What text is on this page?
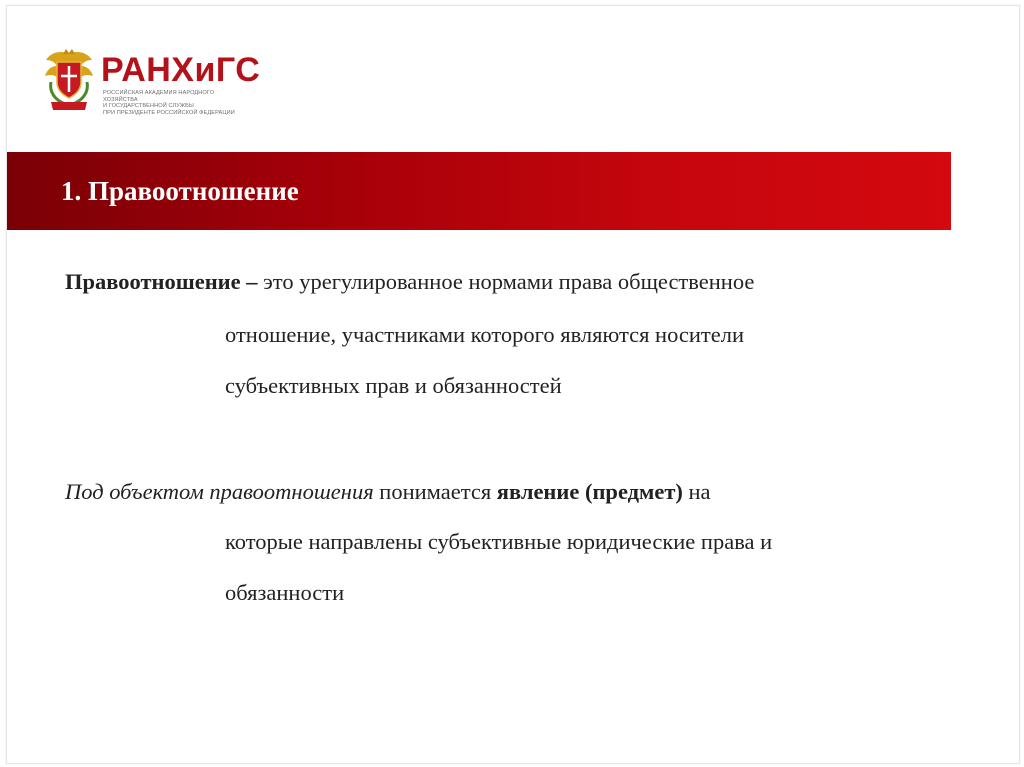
РАНХиГС
РОССИЙСКАЯ АКАДЕМИЯ НАРОДНОГО ХОЗЯЙСТВА
И ГОСУДАРСТВЕННОЙ СЛУЖБЫ
ПРИ ПРЕЗИДЕНТЕ РОССИЙСКОЙ ФЕДЕРАЦИИ
1. Правоотношение
Правоотношение – это урегулированное нормами права общественное
отношение, участниками которого являются носители
субъективных прав и обязанностей
Под объектом правоотношения понимается явление (предмет) на
которые направлены субъективные юридические права и
обязанности
